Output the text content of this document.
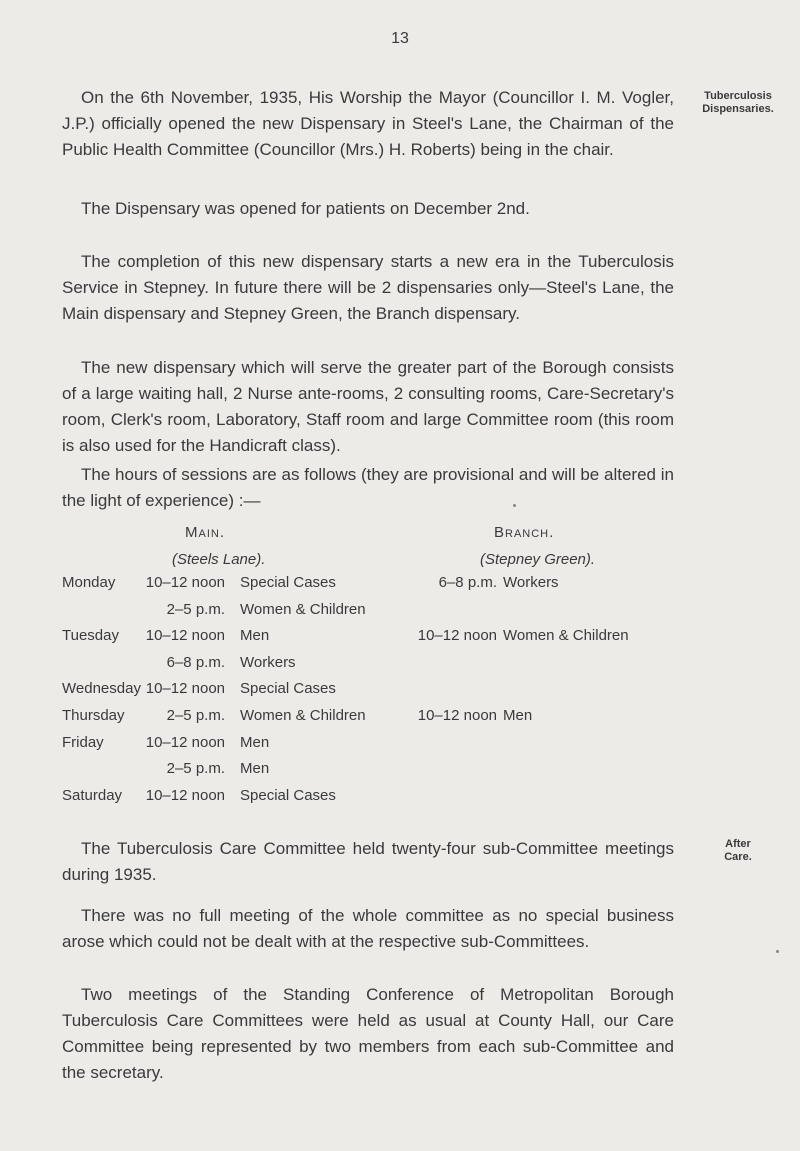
13
Tuberculosis
Dispensaries.
After
Care.

On the 6th November, 1935, His Worship the Mayor (Councillor I. M. Vogler, J.P.) officially opened the new Dispensary in Steel's Lane, the Chairman of the Public Health Committee (Councillor (Mrs.) H. Roberts) being in the chair.

The Dispensary was opened for patients on December 2nd.

The completion of this new dispensary starts a new era in the Tuberculosis Service in Stepney. In future there will be 2 dispensaries only—Steel's Lane, the Main dispensary and Stepney Green, the Branch dispensary.

The new dispensary which will serve the greater part of the Borough consists of a large waiting hall, 2 Nurse ante-rooms, 2 consulting rooms, Care-Secretary's room, Clerk's room, Laboratory, Staff room and large Committee room (this room is also used for the Handicraft class).

The hours of sessions are as follows (they are provisional and will be altered in the light of experience) :—

Main.
(Steels Lane).
Branch.
(Stepney Green).
Monday 10–12 noon Special Cases	6–8 p.m. Workers
2–5 p.m. Women & Children
Tuesday 10–12 noon Men	10–12 noon Women & Children
6–8 p.m. Workers
Wednesday 10–12 noon Special Cases
Thursday	2–5 p.m. Women & Children	10–12 noon Men
Friday	10–12 noon Men
2–5 p.m. Men
Saturday 10–12 noon Special Cases

The Tuberculosis Care Committee held twenty-four sub-Committee meetings during 1935.

There was no full meeting of the whole committee as no special business arose which could not be dealt with at the respective sub-Committees.

Two meetings of the Standing Conference of Metropolitan Borough Tuberculosis Care Committees were held as usual at County Hall, our Care Committee being represented by two members from each sub-Committee and the secretary.
